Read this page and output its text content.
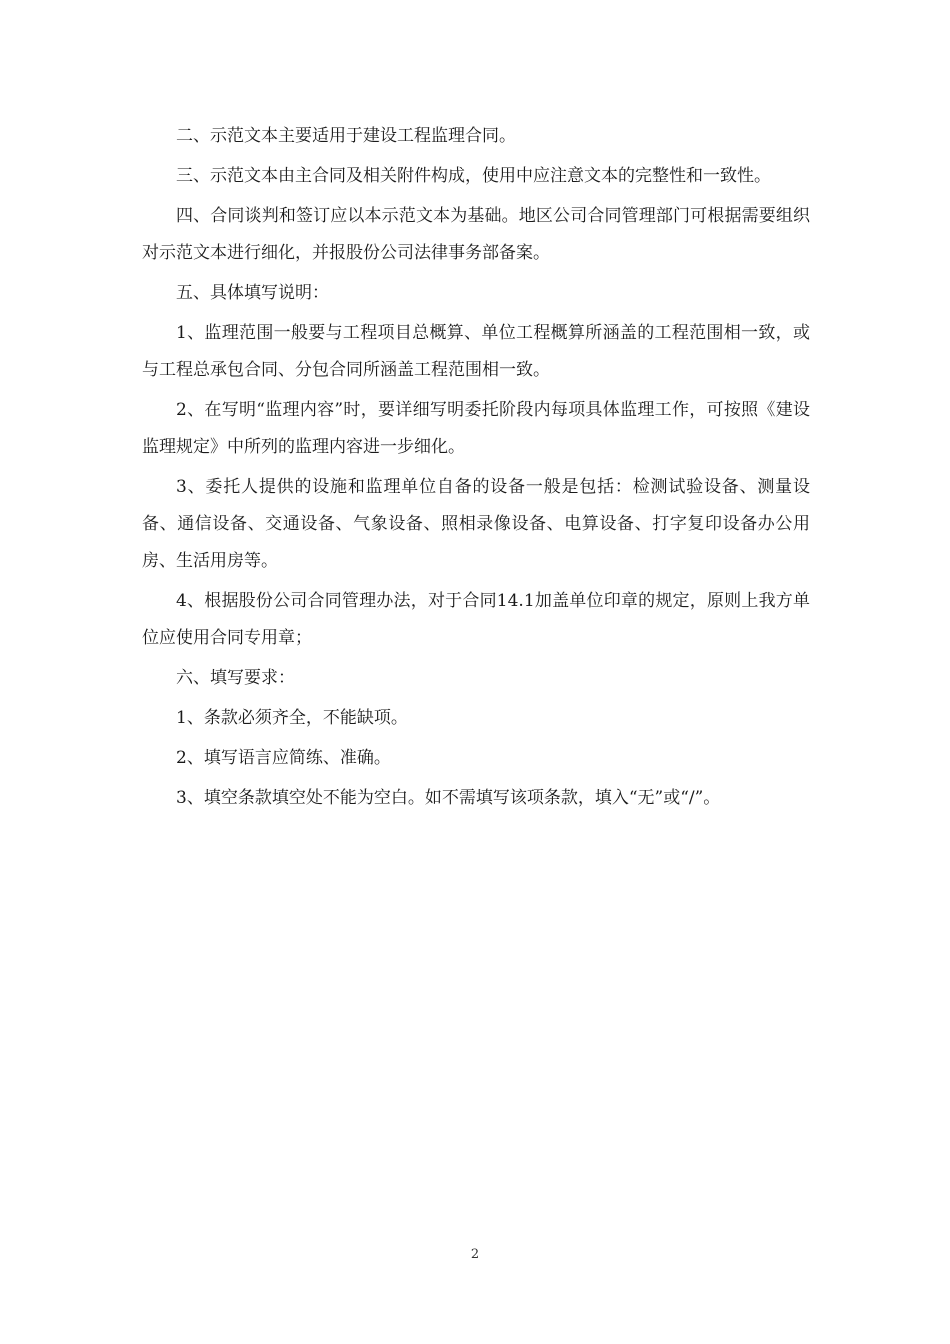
二、示范文本主要适用于建设工程监理合同。

三、示范文本由主合同及相关附件构成，使用中应注意文本的完整性和一致性。

四、合同谈判和签订应以本示范文本为基础。地区公司合同管理部门可根据需要组织对示范文本进行细化，并报股份公司法律事务部备案。

五、具体填写说明：

1、监理范围一般要与工程项目总概算、单位工程概算所涵盖的工程范围相一致，或与工程总承包合同、分包合同所涵盖工程范围相一致。

2、在写明“监理内容”时，要详细写明委托阶段内每项具体监理工作，可按照《建设监理规定》中所列的监理内容进一步细化。

3、委托人提供的设施和监理单位自备的设备一般是包括：检测试验设备、测量设备、通信设备、交通设备、气象设备、照相录像设备、电算设备、打字复印设备办公用房、生活用房等。

4、根据股份公司合同管理办法，对于合同14.1加盖单位印章的规定，原则上我方单位应使用合同专用章；

六、填写要求：

1、条款必须齐全，不能缺项。

2、填写语言应简练、准确。

3、填空条款填空处不能为空白。如不需填写该项条款，填入“无”或“/”。

2
